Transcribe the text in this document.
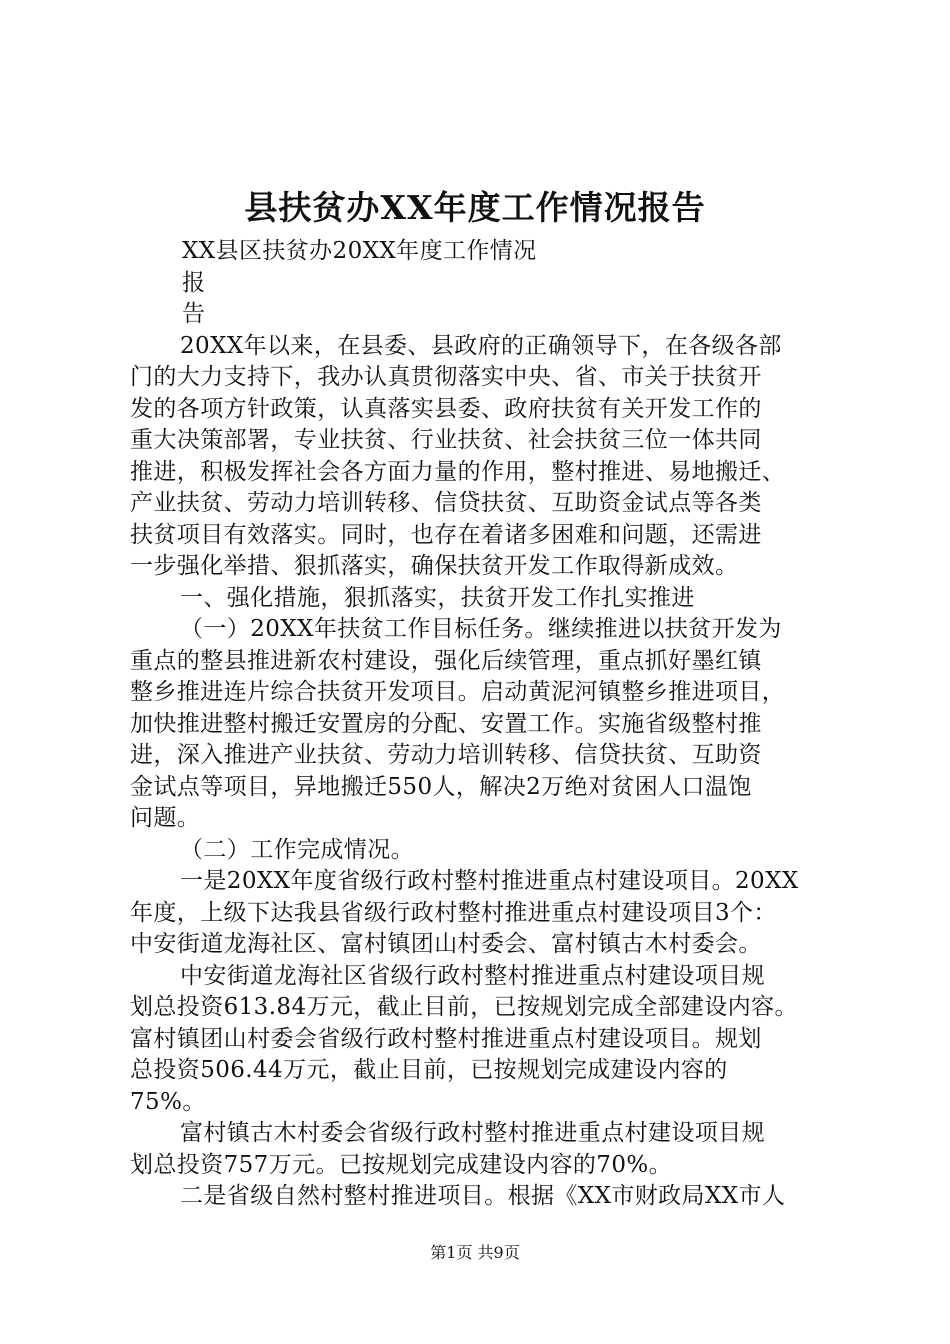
县扶贫办XX年度工作情况报告
XX县区扶贫办20XX年度工作情况
报
告
20XX年以来，在县委、县政府的正确领导下，在各级各部
门的大力支持下，我办认真贯彻落实中央、省、市关于扶贫开
发的各项方针政策，认真落实县委、政府扶贫有关开发工作的
重大决策部署，专业扶贫、行业扶贫、社会扶贫三位一体共同
推进，积极发挥社会各方面力量的作用，整村推进、易地搬迁、
产业扶贫、劳动力培训转移、信贷扶贫、互助资金试点等各类
扶贫项目有效落实。同时，也存在着诸多困难和问题，还需进
一步强化举措、狠抓落实，确保扶贫开发工作取得新成效。
一、强化措施，狠抓落实，扶贫开发工作扎实推进
（一）20XX年扶贫工作目标任务。继续推进以扶贫开发为
重点的整县推进新农村建设，强化后续管理，重点抓好墨红镇
整乡推进连片综合扶贫开发项目。启动黄泥河镇整乡推进项目，
加快推进整村搬迁安置房的分配、安置工作。实施省级整村推
进，深入推进产业扶贫、劳动力培训转移、信贷扶贫、互助资
金试点等项目，异地搬迁550人，解决2万绝对贫困人口温饱
问题。
（二）工作完成情况。
一是20XX年度省级行政村整村推进重点村建设项目。20XX
年度，上级下达我县省级行政村整村推进重点村建设项目3个：
中安街道龙海社区、富村镇团山村委会、富村镇古木村委会。
中安街道龙海社区省级行政村整村推进重点村建设项目规
划总投资613.84万元，截止目前，已按规划完成全部建设内容。
富村镇团山村委会省级行政村整村推进重点村建设项目。规划
总投资506.44万元，截止目前，已按规划完成建设内容的
75%。
富村镇古木村委会省级行政村整村推进重点村建设项目规
划总投资757万元。已按规划完成建设内容的70%。
二是省级自然村整村推进项目。根据《XX市财政局XX市人
第1页 共9页
